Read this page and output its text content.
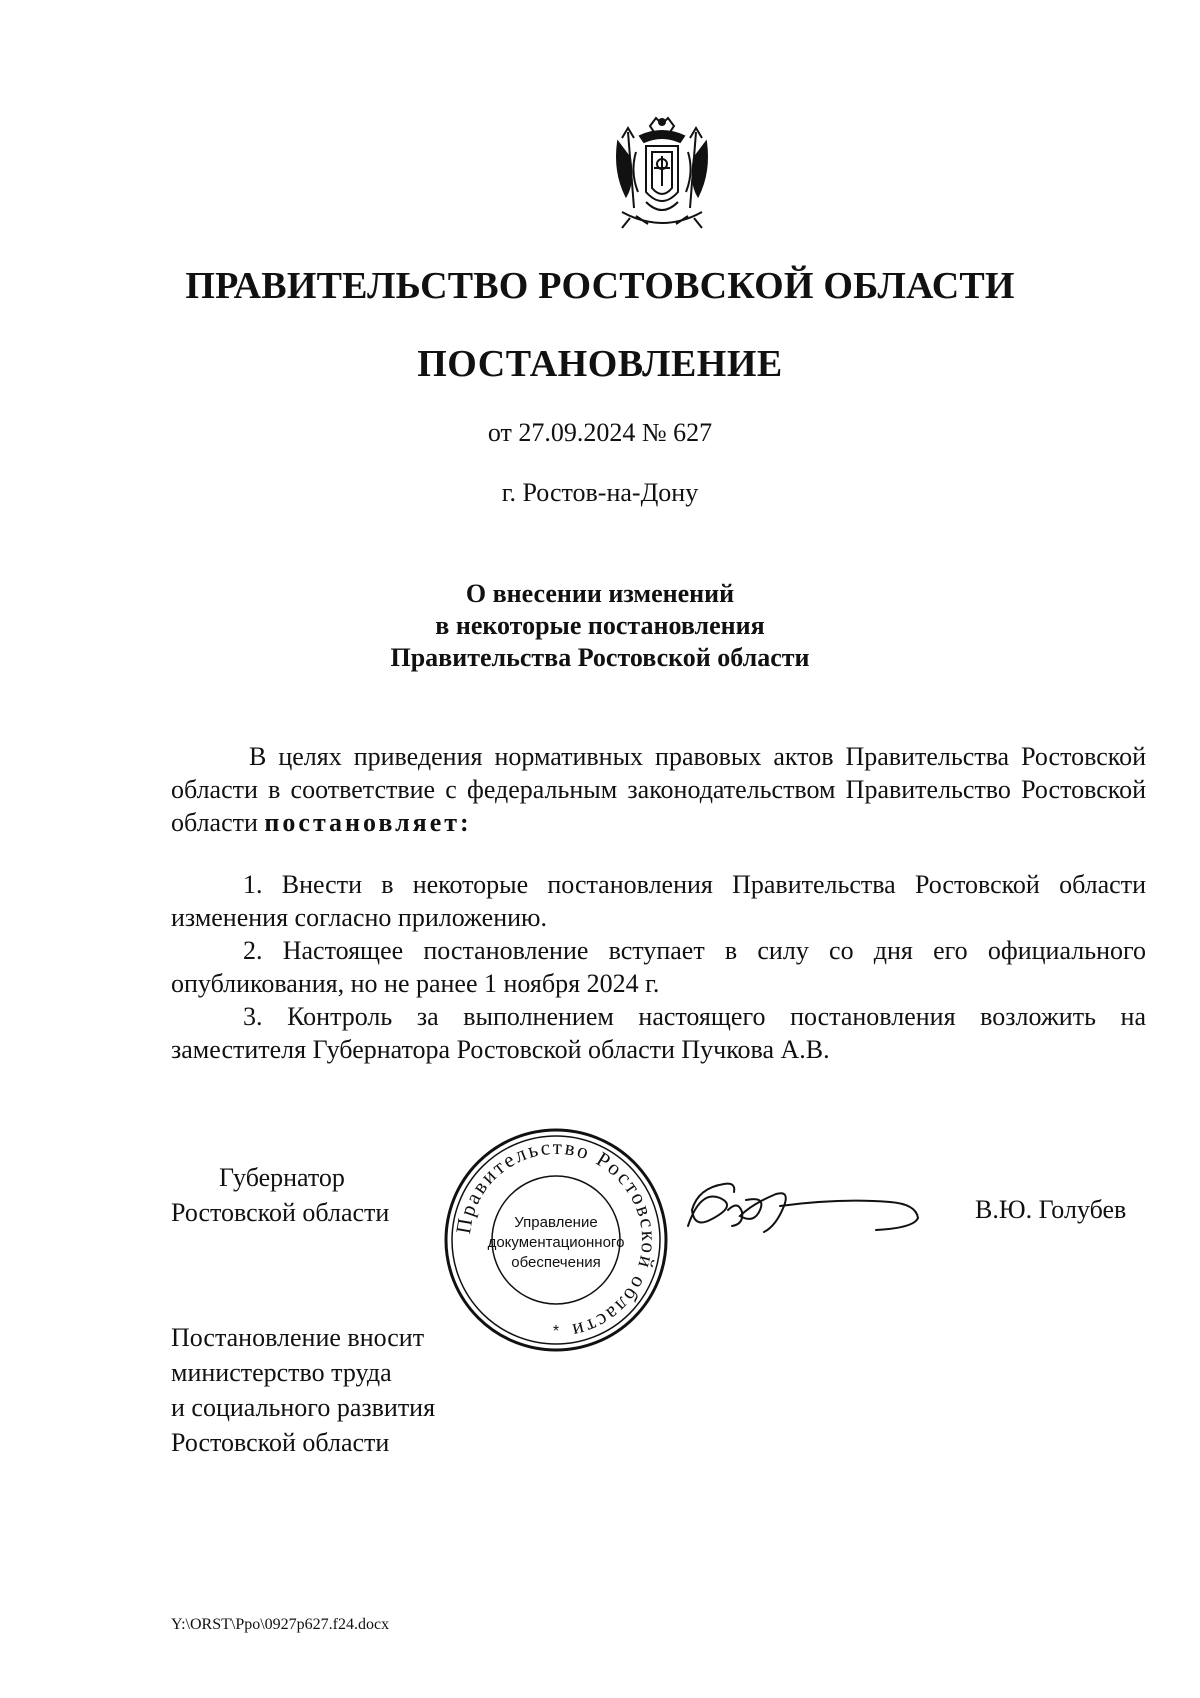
ПРАВИТЕЛЬСТВО РОСТОВСКОЙ ОБЛАСТИ
ПОСТАНОВЛЕНИЕ
от 27.09.2024 № 627
г. Ростов-на-Дону
О внесении изменений
в некоторые постановления
Правительства Ростовской области
В целях приведения нормативных правовых актов Правительства Ростовской области в соответствие с федеральным законодательством Правительство Ростовской области постановляет:

1. Внести в некоторые постановления Правительства Ростовской области изменения согласно приложению.

2. Настоящее постановление вступает в силу со дня его официального опубликования, но не ранее 1 ноября 2024 г.

3. Контроль за выполнением настоящего постановления возложить на заместителя Губернатора Ростовской области Пучкова А.В.

Губернатор
Ростовской области	Правительство Ростовской области
Управление
документационного
обеспечения
*
В.Ю. Голубев
Постановление вносит
министерство труда
и социального развития
Ростовской области
Y:\ORST\Ppo\0927p627.f24.docx
